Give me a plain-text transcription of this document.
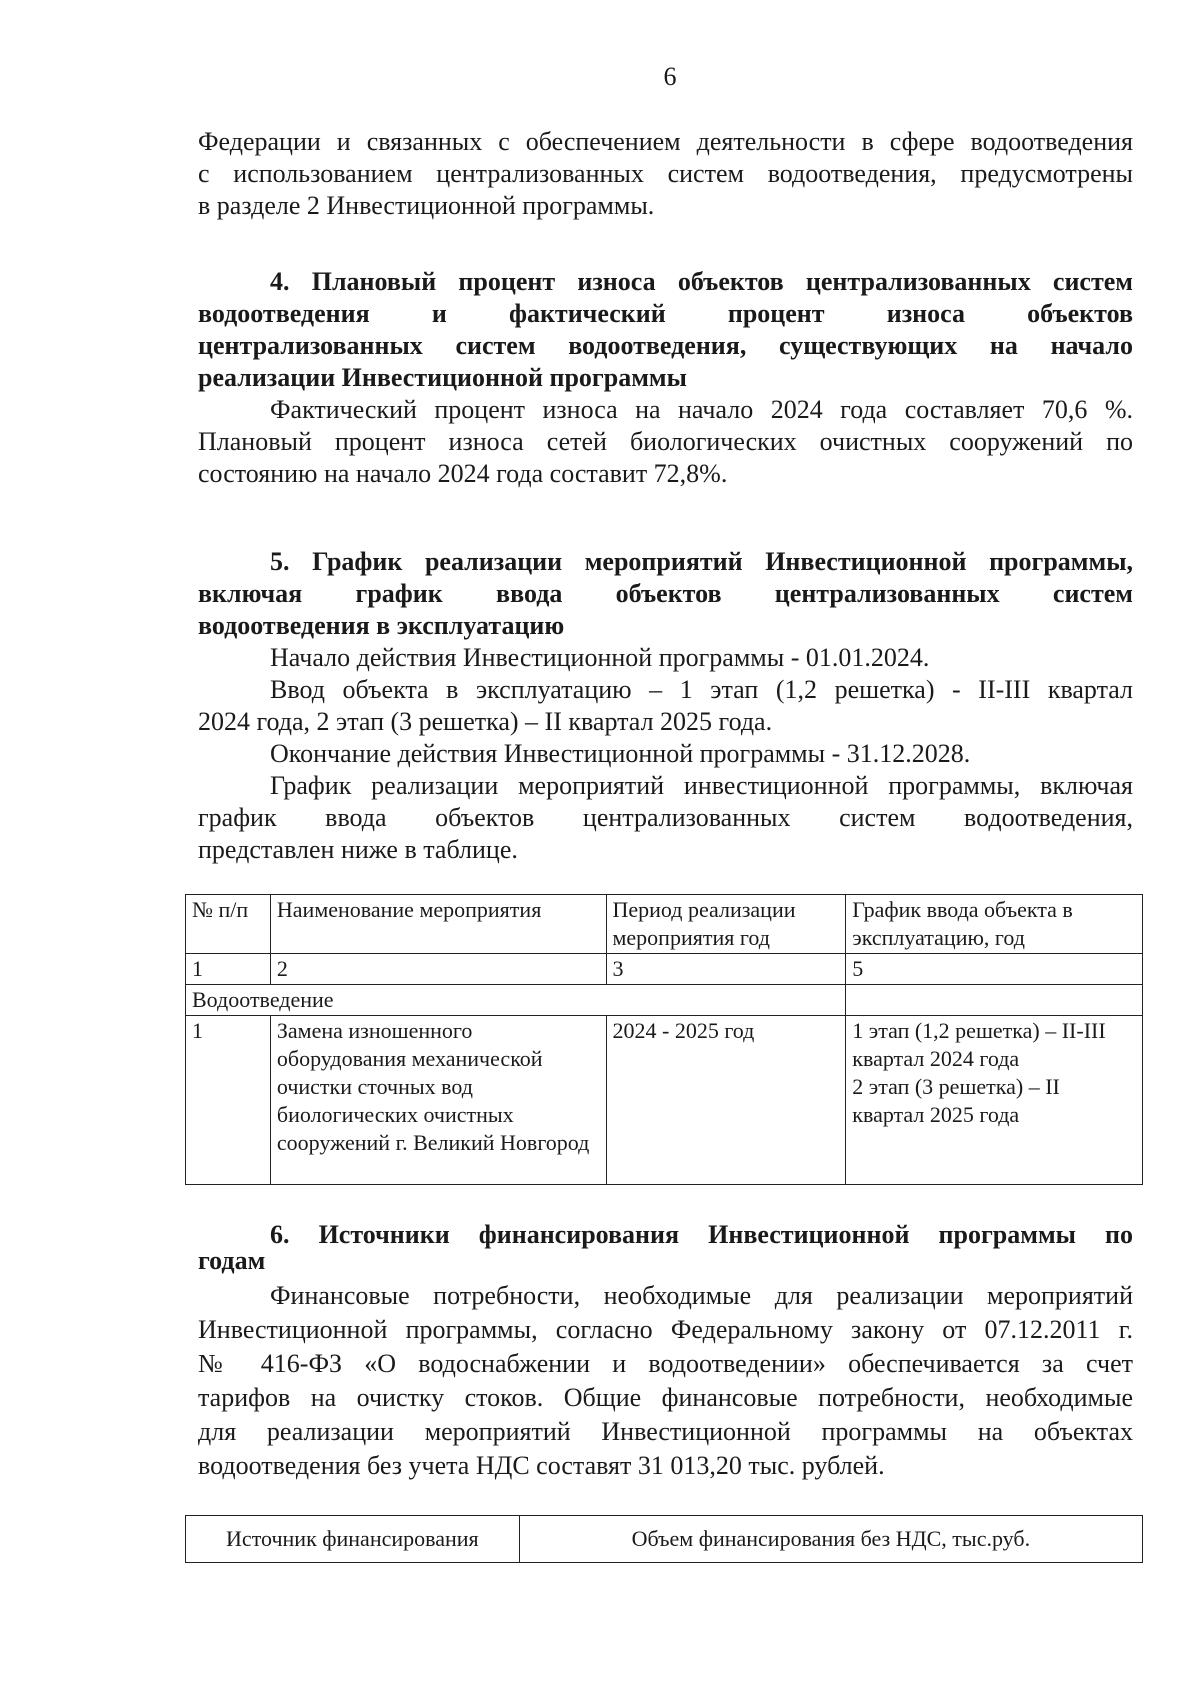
6

Федерации и связанных с обеспечением деятельности в сфере водоотведения

с использованием централизованных систем водоотведения, предусмотрены

в разделе 2 Инвестиционной программы.

4. Плановый процент износа объектов централизованных систем

водоотведения и фактический процент износа объектов

централизованных систем водоотведения, существующих на начало

реализации Инвестиционной программы

Фактический процент износа на начало 2024 года составляет 70,6 %.

Плановый процент износа сетей биологических очистных сооружений по

состоянию на начало 2024 года составит 72,8%.

5. График реализации мероприятий Инвестиционной программы,

включая график ввода объектов централизованных систем

водоотведения в эксплуатацию

Начало действия Инвестиционной программы - 01.01.2024.

Ввод объекта в эксплуатацию – 1 этап (1,2 решетка) - II-III квартал

2024 года, 2 этап (3 решетка) – II квартал 2025 года.

Окончание действия Инвестиционной программы - 31.12.2028.

График реализации мероприятий инвестиционной программы, включая

график ввода объектов централизованных систем водоотведения,

представлен ниже в таблице.

№ п/п	Наименование мероприятия	Период реализации мероприятия год	График ввода объекта в эксплуатацию, год
1	2	3	5
Водоотведение			
1	Замена изношенного оборудования механической очистки сточных вод биологических очистных сооружений г. Великий Новгород	2024 - 2025 год	1 этап (1,2 решетка) – II-III квартал 2024 года
2 этап (3 решетка) – II квартал 2025 года

6. Источники финансирования Инвестиционной программы по

годам

Финансовые потребности, необходимые для реализации мероприятий

Инвестиционной программы, согласно Федеральному закону от 07.12.2011 г.

№ 416-ФЗ «О водоснабжении и водоотведении» обеспечивается за счет

тарифов на очистку стоков. Общие финансовые потребности, необходимые

для реализации мероприятий Инвестиционной программы на объектах

водоотведения без учета НДС составят 31 013,20 тыс. рублей.

Источник финансирования	Объем финансирования без НДС, тыс.руб.
